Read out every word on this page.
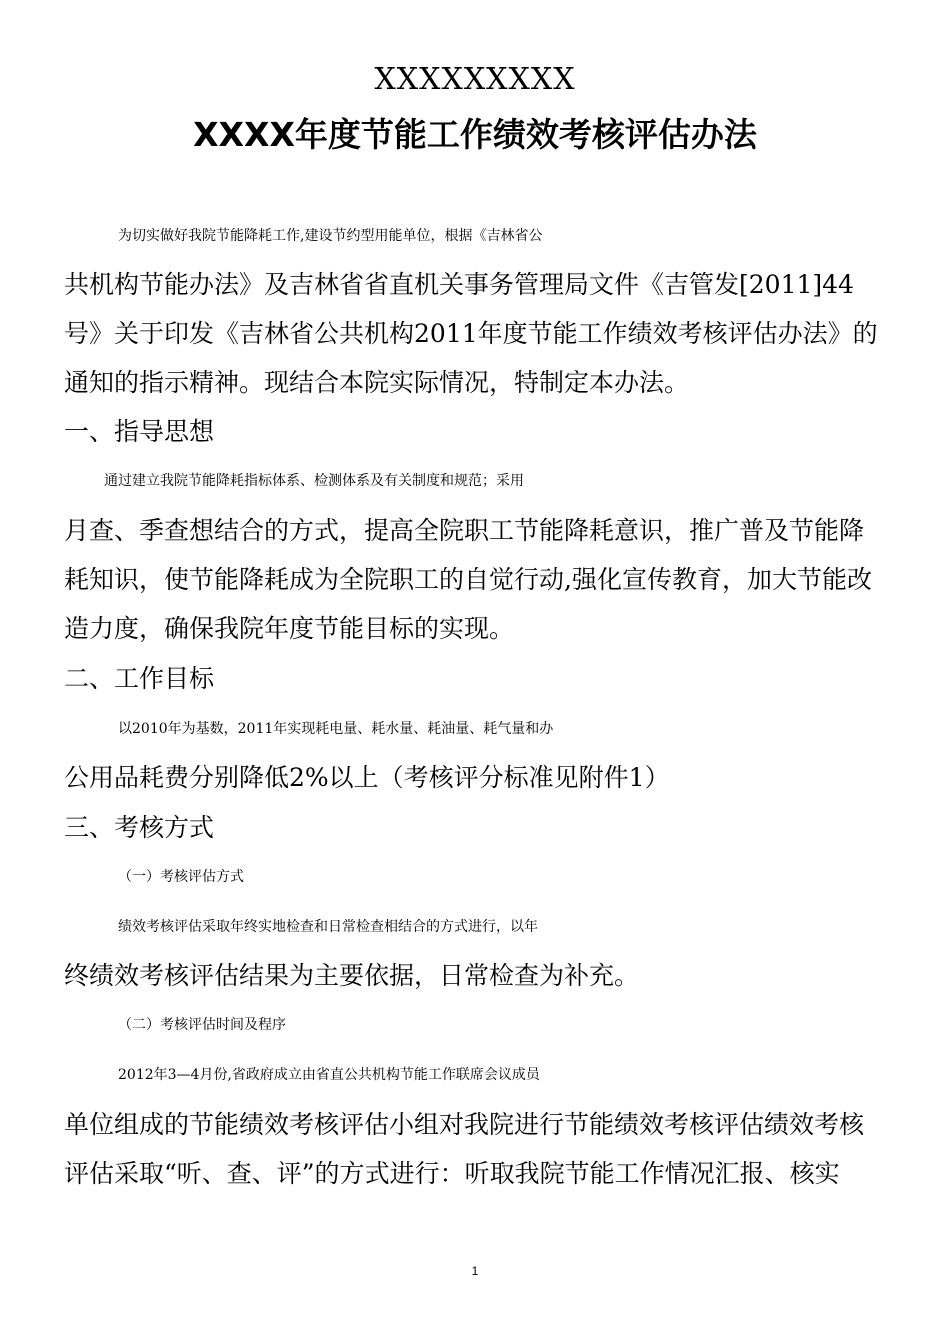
XXXXXXXXX
XXXX年度节能工作绩效考核评估办法
为切实做好我院节能降耗工作,建设节约型用能单位，根据《吉林省公
共机构节能办法》及吉林省省直机关事务管理局文件《吉管发[2011]44
号》关于印发《吉林省公共机构2011年度节能工作绩效考核评估办法》的
通知的指示精神。现结合本院实际情况，特制定本办法。
一、指导思想
通过建立我院节能降耗指标体系、检测体系及有关制度和规范；采用
月查、季查想结合的方式，提高全院职工节能降耗意识，推广普及节能降
耗知识，使节能降耗成为全院职工的自觉行动,强化宣传教育，加大节能改
造力度，确保我院年度节能目标的实现。
二、工作目标
以2010年为基数，2011年实现耗电量、耗水量、耗油量、耗气量和办
公用品耗费分别降低2%以上（考核评分标准见附件1）
三、考核方式
（一）考核评估方式
绩效考核评估采取年终实地检查和日常检查相结合的方式进行，以年
终绩效考核评估结果为主要依据，日常检查为补充。
（二）考核评估时间及程序
2012年3—4月份,省政府成立由省直公共机构节能工作联席会议成员
单位组成的节能绩效考核评估小组对我院进行节能绩效考核评估绩效考核
评估采取“听、查、评”的方式进行：听取我院节能工作情况汇报、核实
1
